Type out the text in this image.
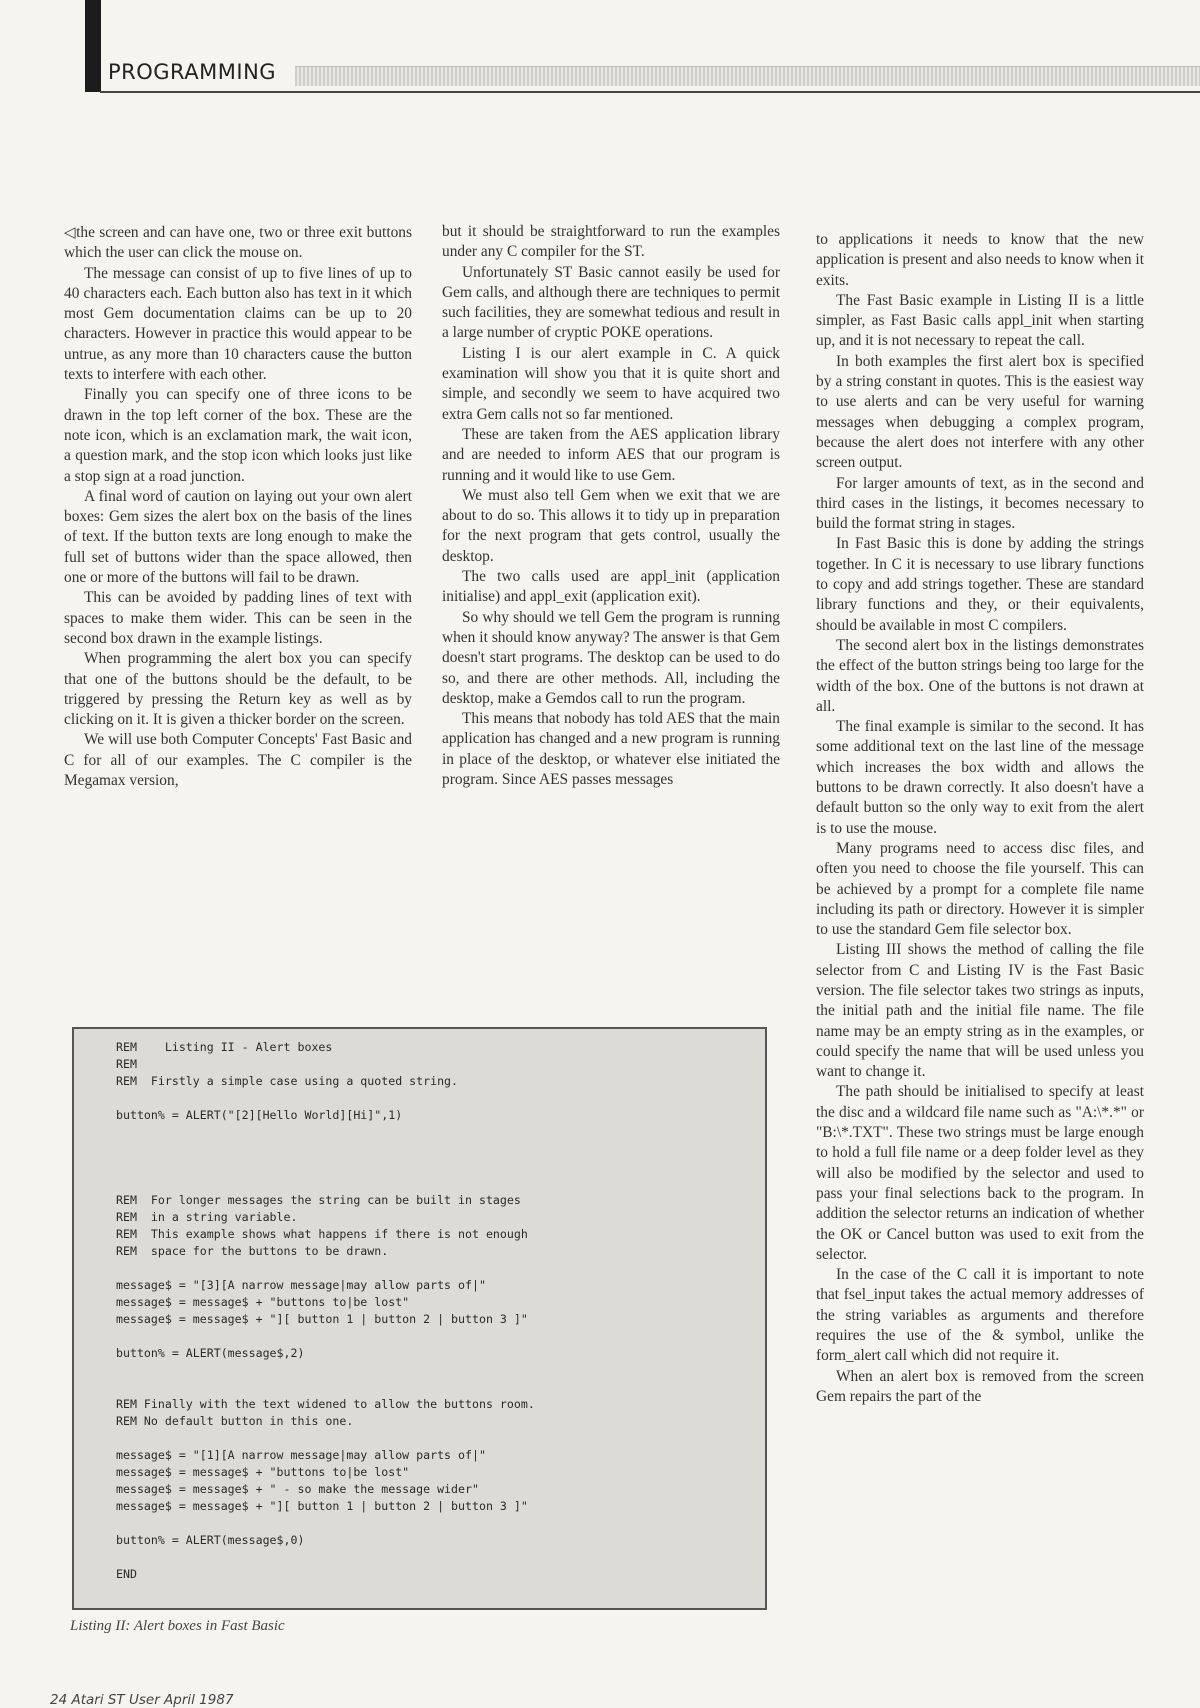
PROGRAMMING

◁the screen and can have one, two or three exit buttons which the user can click the mouse on.

The message can consist of up to five lines of up to 40 characters each. Each button also has text in it which most Gem documentation claims can be up to 20 characters. However in practice this would appear to be untrue, as any more than 10 characters cause the button texts to interfere with each other.

Finally you can specify one of three icons to be drawn in the top left corner of the box. These are the note icon, which is an exclamation mark, the wait icon, a question mark, and the stop icon which looks just like a stop sign at a road junction.

A final word of caution on laying out your own alert boxes: Gem sizes the alert box on the basis of the lines of text. If the button texts are long enough to make the full set of buttons wider than the space allowed, then one or more of the buttons will fail to be drawn.

This can be avoided by padding lines of text with spaces to make them wider. This can be seen in the second box drawn in the example listings.

When programming the alert box you can specify that one of the buttons should be the default, to be triggered by pressing the Return key as well as by clicking on it. It is given a thicker border on the screen.

We will use both Computer Concepts' Fast Basic and C for all of our examples. The C compiler is the Megamax version,

but it should be straightforward to run the examples under any C compiler for the ST.

Unfortunately ST Basic cannot easily be used for Gem calls, and although there are techniques to permit such facilities, they are somewhat tedious and result in a large number of cryptic POKE operations.

Listing I is our alert example in C. A quick examination will show you that it is quite short and simple, and secondly we seem to have acquired two extra Gem calls not so far mentioned.

These are taken from the AES application library and are needed to inform AES that our program is running and it would like to use Gem.

We must also tell Gem when we exit that we are about to do so. This allows it to tidy up in preparation for the next program that gets control, usually the desktop.

The two calls used are appl_init (application initialise) and appl_exit (application exit).

So why should we tell Gem the program is running when it should know anyway? The answer is that Gem doesn't start programs. The desktop can be used to do so, and there are other methods. All, including the desktop, make a Gemdos call to run the program.

This means that nobody has told AES that the main application has changed and a new program is running in place of the desktop, or whatever else initiated the program. Since AES passes messages

to applications it needs to know that the new application is present and also needs to know when it exits.

The Fast Basic example in Listing II is a little simpler, as Fast Basic calls appl_init when starting up, and it is not necessary to repeat the call.

In both examples the first alert box is specified by a string constant in quotes. This is the easiest way to use alerts and can be very useful for warning messages when debugging a complex program, because the alert does not interfere with any other screen output.

For larger amounts of text, as in the second and third cases in the listings, it becomes necessary to build the format string in stages.

In Fast Basic this is done by adding the strings together. In C it is necessary to use library functions to copy and add strings together. These are standard library functions and they, or their equivalents, should be available in most C compilers.

The second alert box in the listings demonstrates the effect of the button strings being too large for the width of the box. One of the buttons is not drawn at all.

The final example is similar to the second. It has some additional text on the last line of the message which increases the box width and allows the buttons to be drawn correctly. It also doesn't have a default button so the only way to exit from the alert is to use the mouse.

Many programs need to access disc files, and often you need to choose the file yourself. This can be achieved by a prompt for a complete file name including its path or directory. However it is simpler to use the standard Gem file selector box.

Listing III shows the method of calling the file selector from C and Listing IV is the Fast Basic version. The file selector takes two strings as inputs, the initial path and the initial file name. The file name may be an empty string as in the examples, or could specify the name that will be used unless you want to change it.

The path should be initialised to specify at least the disc and a wildcard file name such as "A:\*.*" or "B:\*.TXT". These two strings must be large enough to hold a full file name or a deep folder level as they will also be modified by the selector and used to pass your final selections back to the program. In addition the selector returns an indication of whether the OK or Cancel button was used to exit from the selector.

In the case of the C call it is important to note that fsel_input takes the actual memory addresses of the string variables as arguments and therefore requires the use of the & symbol, unlike the form_alert call which did not require it.

When an alert box is removed from the screen Gem repairs the part of the

REM    Listing II - Alert boxes
REM
REM  Firstly a simple case using a quoted string.
button% = ALERT("[2][Hello World][Hi]",1)
REM  For longer messages the string can be built in stages
REM  in a string variable.
REM  This example shows what happens if there is not enough
REM  space for the buttons to be drawn.
message$ = "[3][A narrow message|may allow parts of|"
message$ = message$ + "buttons to|be lost"
message$ = message$ + "][ button 1 | button 2 | button 3 ]"
button% = ALERT(message$,2)
REM Finally with the text widened to allow the buttons room.
REM No default button in this one.
message$ = "[1][A narrow message|may allow parts of|"
message$ = message$ + "buttons to|be lost"
message$ = message$ + " - so make the message wider"
message$ = message$ + "][ button 1 | button 2 | button 3 ]"
button% = ALERT(message$,0)
END
Listing II: Alert boxes in Fast Basic
24 Atari ST User April 1987
